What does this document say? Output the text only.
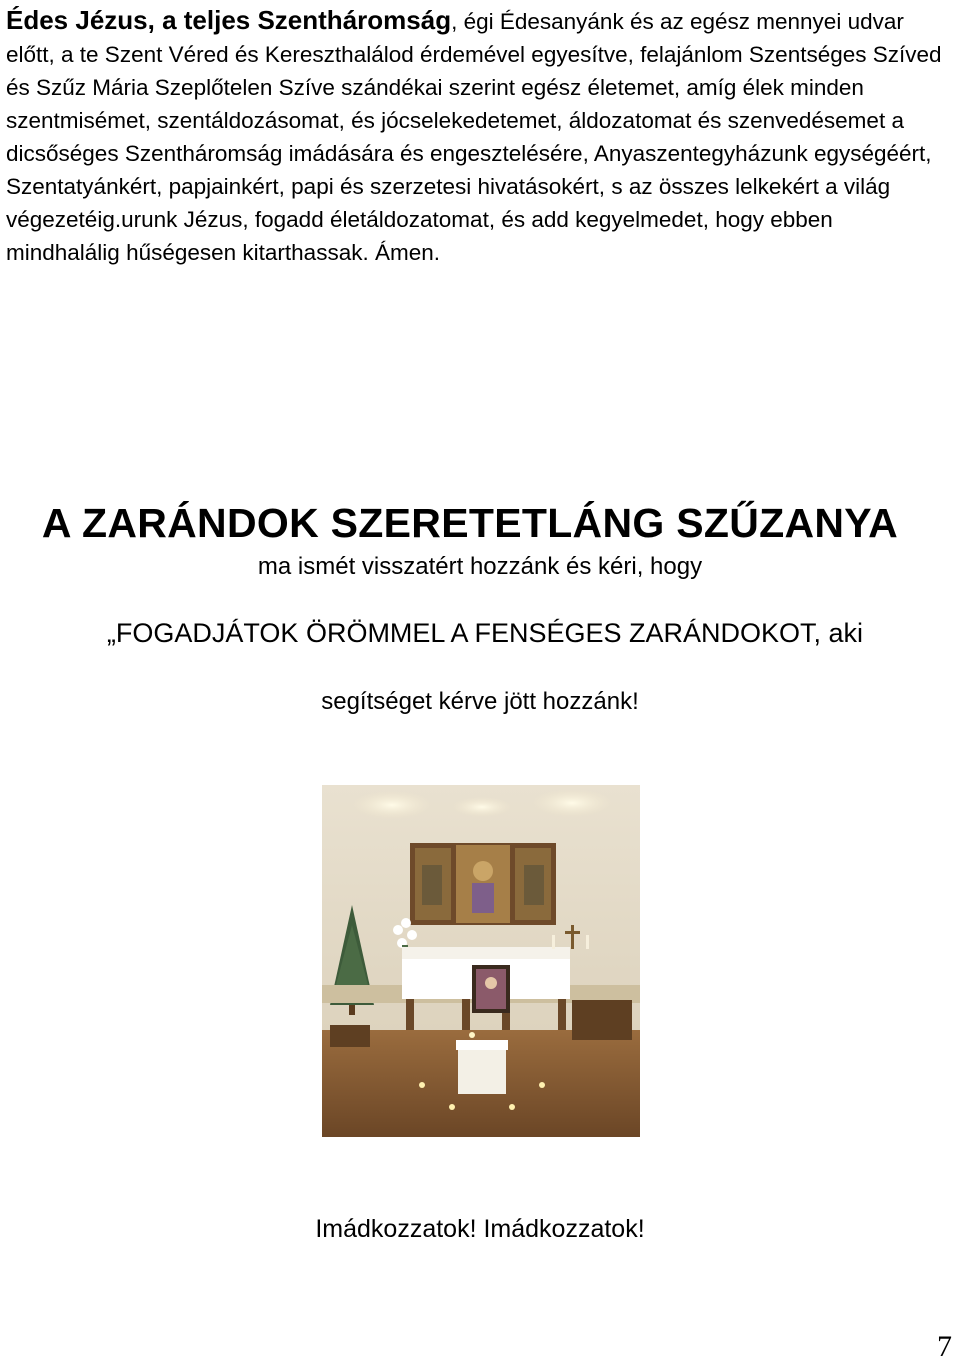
Édes Jézus, a teljes Szentháromság, égi Édesanyánk és az egész mennyei udvar előtt, a te Szent Véred és Kereszthalálod érdemével egyesítve, felajánlom Szentséges Szíved és Szűz Mária Szeplőtelen Szíve szándékai szerint egész életemet, amíg élek minden szentmisémet, szentáldozásomat, és jócselekedetemet, áldozatomat és szenvedésemet a dicsőséges Szentháromság imádására és engesztelésére, Anyaszentegyházunk egységéért, Szentatyánkért, papjainkért, papi és szerzetesi hivatásokért, s az összes lelkekért a világ végezetéig.urunk Jézus, fogadd életáldozatomat, és add kegyelmedet, hogy ebben mindhalálig hűségesen kitarthassak. Ámen.

A ZARÁNDOK SZERETETLÁNG SZŰZANYA

ma ismét visszatért hozzánk és kéri, hogy

„FOGADJÁTOK ÖRÖMMEL A FENSÉGES ZARÁNDOKOT, aki

segítséget kérve jött hozzánk!

Imádkozzatok! Imádkozzatok!

7
